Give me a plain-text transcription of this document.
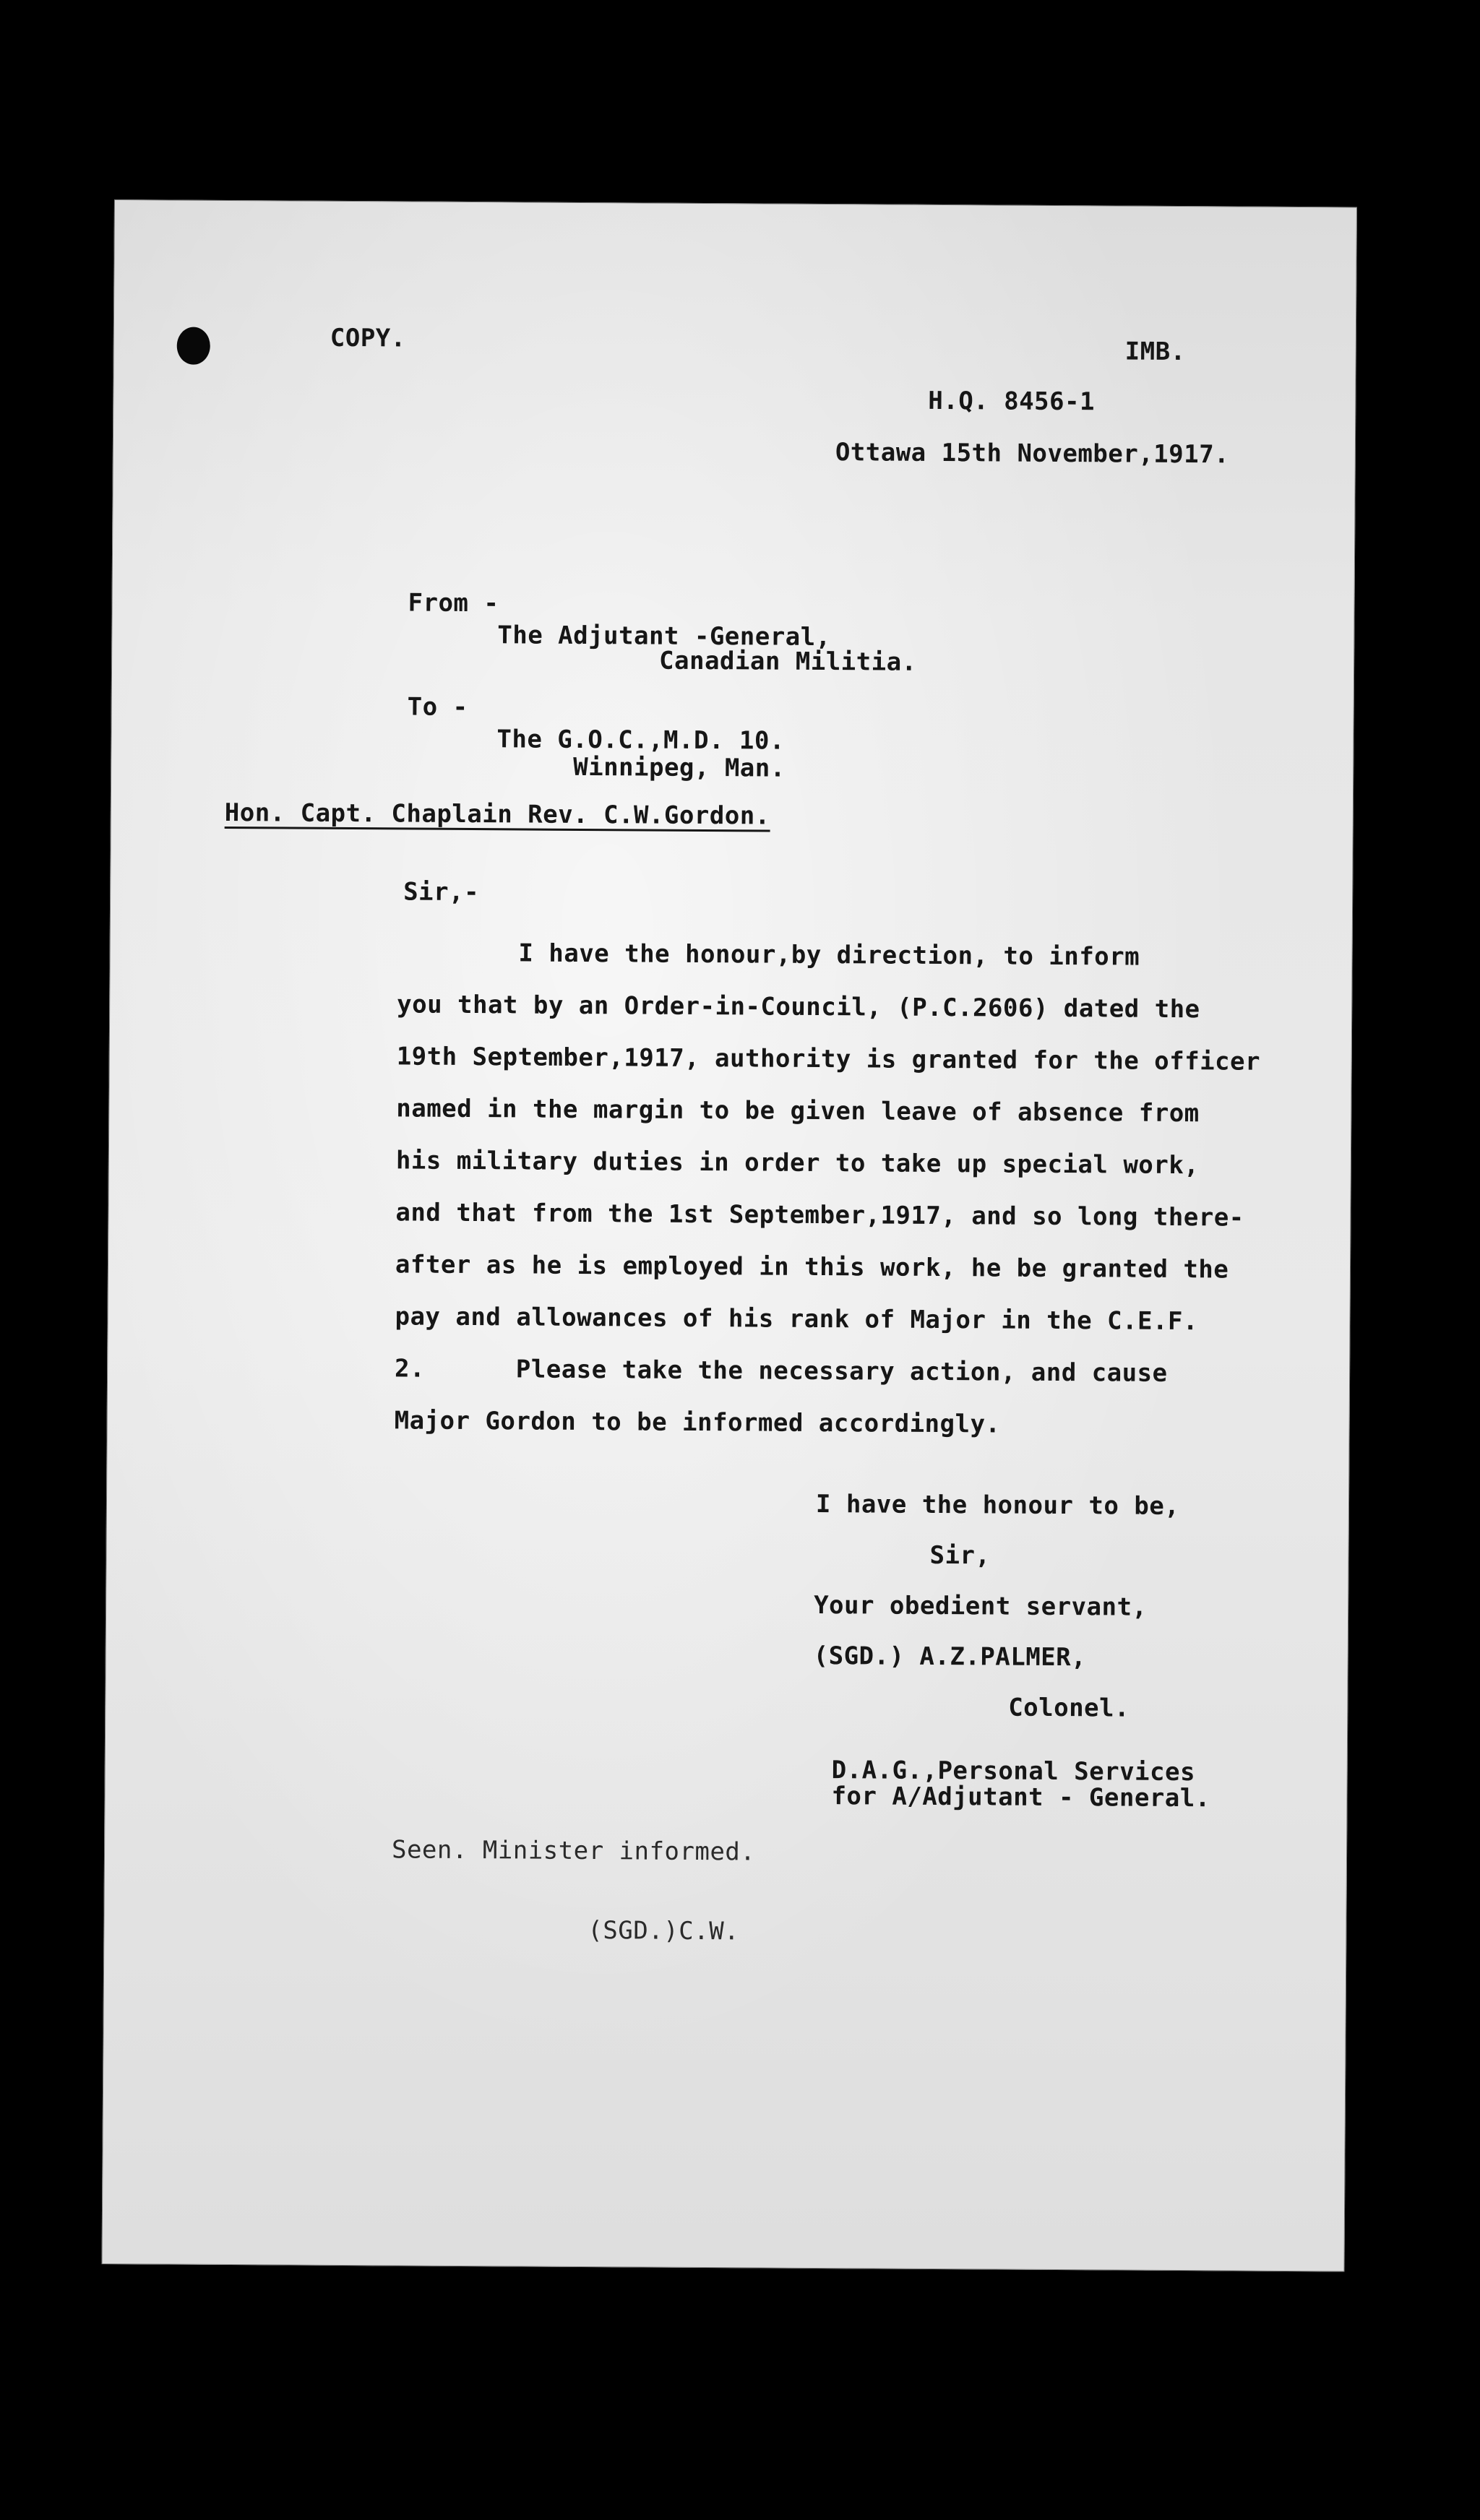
COPY.	IMB.
H.Q. 8456-1
Ottawa 15th November,1917.
From -
The Adjutant -General,
Canadian Militia.
To -
The G.O.C.,M.D. 10.
Winnipeg, Man.
Hon. Capt. Chaplain Rev. C.W.Gordon.
Sir,-
I have the honour,by direction, to inform
you that by an Order-in-Council, (P.C.2606) dated the
19th September,1917, authority is granted for the officer
named in the margin to be given leave of absence from
his military duties in order to take up special work,
and that from the 1st September,1917, and so long there-
after as he is employed in this work, he be granted the
pay and allowances of his rank of Major in the C.E.F.
2.      Please take the necessary action, and cause
Major Gordon to be informed accordingly.
I have the honour to be,
Sir,
Your obedient servant,
(SGD.) A.Z.PALMER,
Colonel.
D.A.G.,Personal Services
for A/Adjutant - General.
Seen. Minister informed.
(SGD.)C.W.
